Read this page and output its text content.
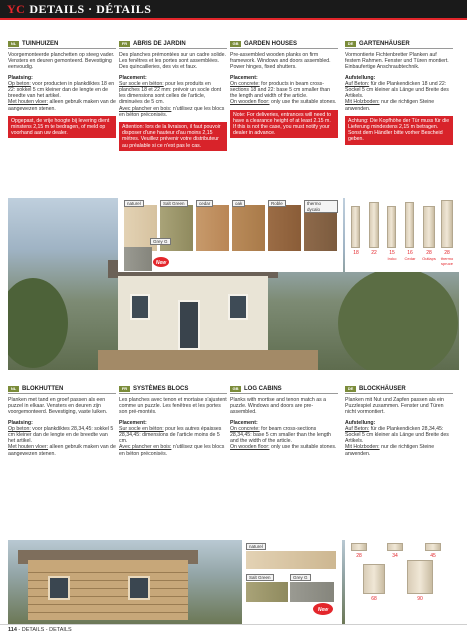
YC DETAILS · DÉTAILS
NL TUINHUIZEN
Voorgemonteerde planchetten op steeg vader. Vensters en deuren gemonteerd. Bevestiging eenvoudig.
Plaatsing:
Op beton: voor producten in plankdiktes 18 en 22: sokkel 5 cm kleiner dan de lengte en de breedte van het artikel.
Met houten vloer: alleen gebruik maken van de aangewezen stenen.
Opgepast, de vrije hoogte bij levering dient minstens 2,15 m te bedragen, of meld op voorhand aan uw dealer.
FR ABRIS DE JARDIN
Des planches prémontées sur un cadre solide. Les fenêtres et les portes sont assemblées. Des quincailleries, des vis et faux.
Placement:
Sur socle en béton: pour les produits en planches 18 et 22 mm: prévoir un socle dont les dimensions sont celles de l'article, diminuées de 5 cm.
Avec plancher en bois: n'utilisez que les blocs en béton préconisés.
Attention: lors de la livraison, il faut pouvoir disposer d'une hauteur d'au moins 2,15 mètres. Veuillez prévenir votre distributeur au préalable si ce n'est pas le cas.
GB GARDEN HOUSES
Pre-assembled wooden planks on firm framework. Windows and doors assembled. Power hinges, fixed shutters.
Placement:
On concrete: for products in beam cross-sections 18 and 22: base 5 cm smaller than the length and width of the article.
On wooden floor: only use the suitable stones.
Note: For deliveries, entrances will need to have a clearance height of at least 2.15 m. If this is not the case, you must notify your dealer in advance.
DE GARTENHÄUSER
Vormontierte Fichtenbretter Planken auf festem Rahmen. Fenster und Türen montiert. Einbaufertige Anschraubtechnik.
Aufstellung:
Auf Beton: für die Plankendicken 18 und 22: Sockel 5 cm kleiner als Länge und Breite des Artikels.
Mit Holzboden: nur die richtigen Steine anwenden.
Achtung: Die Kopfhöhe der Tür muss für die Lieferung mindestens 2,15 m betragen. Sonst dem Händler bitte vorher Bescheid geben.
naturel	Salt Green	cedar	oak	Roble	thermo dycalo
Grey G
New
18	22	15	16	28	28
Iroko	Cedar	Outlaps	thermo spruce
NL BLOKHUTTEN
Planken met tand en groef passen als een puzzel in elkaar. Vensters en deuren zijn voorgemonteerd. Bevestiging, vaste luiken.
Plaatsing:
Op beton: voor plankdiktes 28,34,45: sokkel 5 cm kleiner dan de lengte en de breedte van het artikel.
Met houten vloer: alleen gebruik maken van de aangewezen stenen.
FR SYSTÈMES BLOCS
Les planches avec tenon et mortaise s'ajustent comme un puzzle. Les fenêtres et les portes son pré-montés.
Placement:
Sur socle en béton: pour les autres épaisses 28,34,45: dimensions de l'article moins de 5 cm.
Avec plancher en bois: n'utilisez que les blocs en béton préconisés.
GB LOG CABINS
Planks with mortise and tenon match as a puzzle. Windows and doors are pre-assembled.
Placement:
On concrete: for beam cross-sections 28,34,45: base 5 cm smaller than the length and the width of the article.
On wooden floor: only use the suitable stones.
DE BLOCKHÄUSER
Planken mit Nut und Zapfen passen als ein Puzzlespiel zusammen. Fenster und Türen nicht vormontiert.
Aufstellung:
Auf Beton: für die Plankendicken 28,34,45: Sockel 5 cm kleiner als Länge und Breite des Artikels.
Mit Holzboden: nur die richtigen Steine anwenden.
naturel
Salt Green	Grey G
New
28	34	45
68	90
114 - DETAILS - DETAILS
